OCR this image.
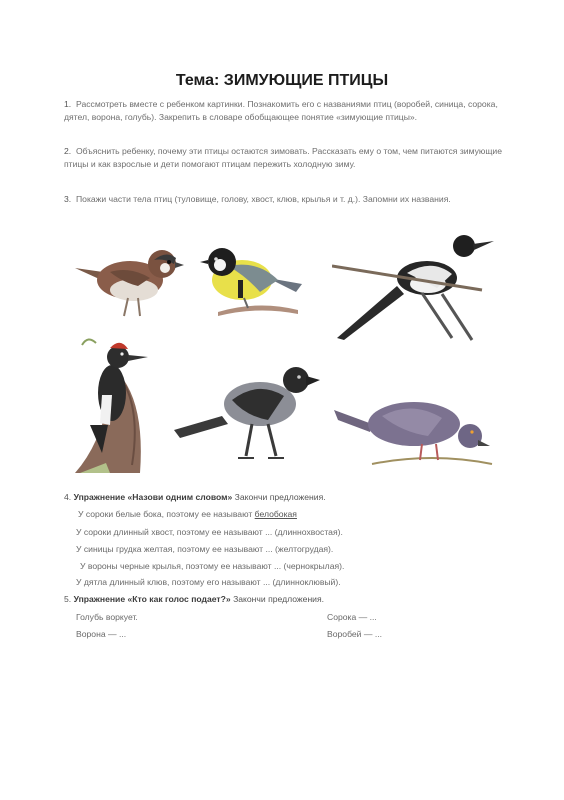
Тема: ЗИМУЮЩИЕ ПТИЦЫ
1. Рассмотреть вместе с ребенком картинки. Познакомить его с названиями птиц (воробей, синица, сорока, дятел, ворона, голубь). Закрепить в словаре обобщающее понятие «зимующие птицы».
2. Объяснить ребенку, почему эти птицы остаются зимовать. Рассказать ему о том, чем питаются зимующие птицы и как взрослые и дети помогают птицам пережить холодную зиму.
3. Покажи части тела птиц (туловище, голову, хвост, клюв, крылья и т. д.). Запомни их названия.
4. Упражнение «Назови одним словом» Закончи предложения.
У сороки белые бока, поэтому ее называют белобокая
У сороки длинный хвост, поэтому ее называют ... (длиннохвостая).
У синицы грудка желтая, поэтому ее называют ... (желтогрудая).
У вороны черные крылья, поэтому ее называют ... (чернокрылая).
У дятла длинный клюв, поэтому его называют ... (длинноклювый).
5. Упражнение «Кто как голос подает?» Закончи предложения.
Голубь воркует.	Сорока — ...
Ворона — ...	Воробей — ...
